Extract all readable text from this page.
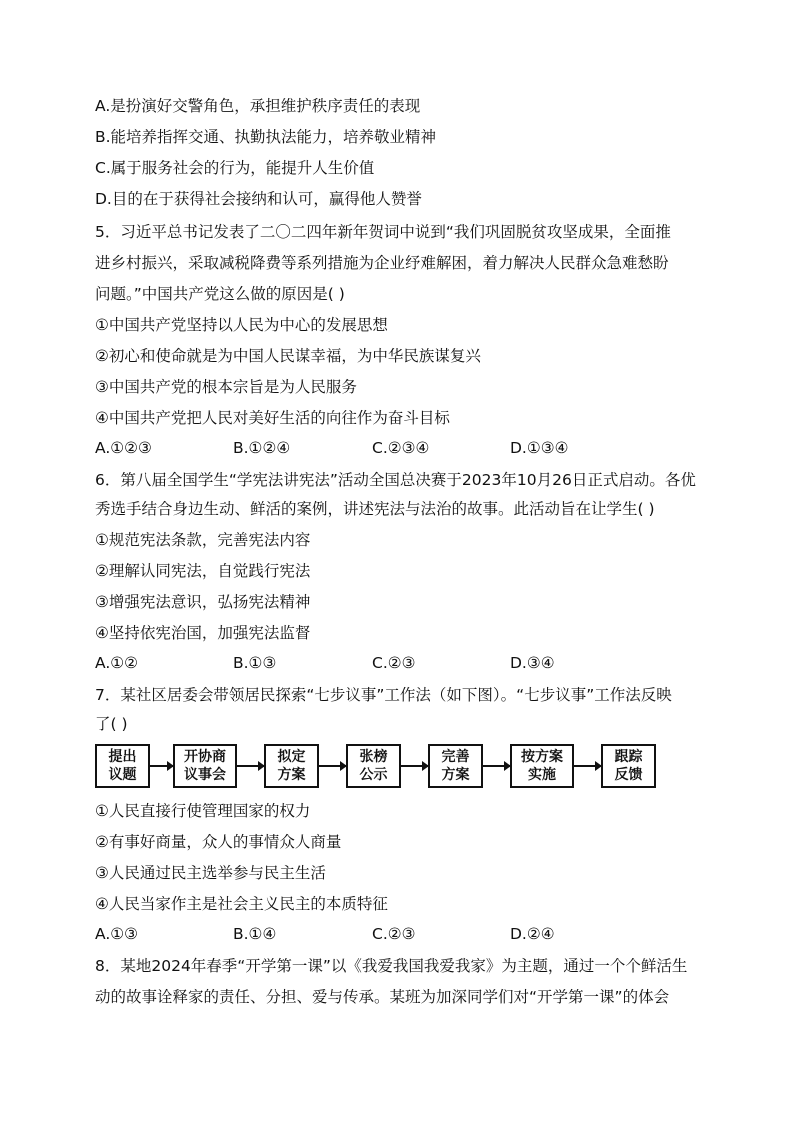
A.是扮演好交警角色，承担维护秩序责任的表现
B.能培养指挥交通、执勤执法能力，培养敬业精神
C.属于服务社会的行为，能提升人生价值
D.目的在于获得社会接纳和认可，赢得他人赞誉
5．习近平总书记发表了二〇二四年新年贺词中说到“我们巩固脱贫攻坚成果，全面推
进乡村振兴，采取减税降费等系列措施为企业纾难解困，着力解决人民群众急难愁盼
问题。”中国共产党这么做的原因是( )
①中国共产党坚持以人民为中心的发展思想
②初心和使命就是为中国人民谋幸福，为中华民族谋复兴
③中国共产党的根本宗旨是为人民服务
④中国共产党把人民对美好生活的向往作为奋斗目标
A.①②③	B.①②④	C.②③④	D.①③④
6．第八届全国学生“学宪法讲宪法”活动全国总决赛于2023年10月26日正式启动。各优
秀选手结合身边生动、鲜活的案例，讲述宪法与法治的故事。此活动旨在让学生( )
①规范宪法条款，完善宪法内容
②理解认同宪法，自觉践行宪法
③增强宪法意识，弘扬宪法精神
④坚持依宪治国，加强宪法监督
A.①②	B.①③	C.②③	D.③④
7．某社区居委会带领居民探索“七步议事”工作法（如下图）。“七步议事”工作法反映
了( )
提出
议题
开协商
议事会
拟定
方案
张榜
公示
完善
方案
按方案
实施
跟踪
反馈
①人民直接行使管理国家的权力
②有事好商量，众人的事情众人商量
③人民通过民主选举参与民主生活
④人民当家作主是社会主义民主的本质特征
A.①③	B.①④	C.②③	D.②④
8．某地2024年春季“开学第一课”以《我爱我国我爱我家》为主题，通过一个个鲜活生
动的故事诠释家的责任、分担、爱与传承。某班为加深同学们对“开学第一课”的体会
